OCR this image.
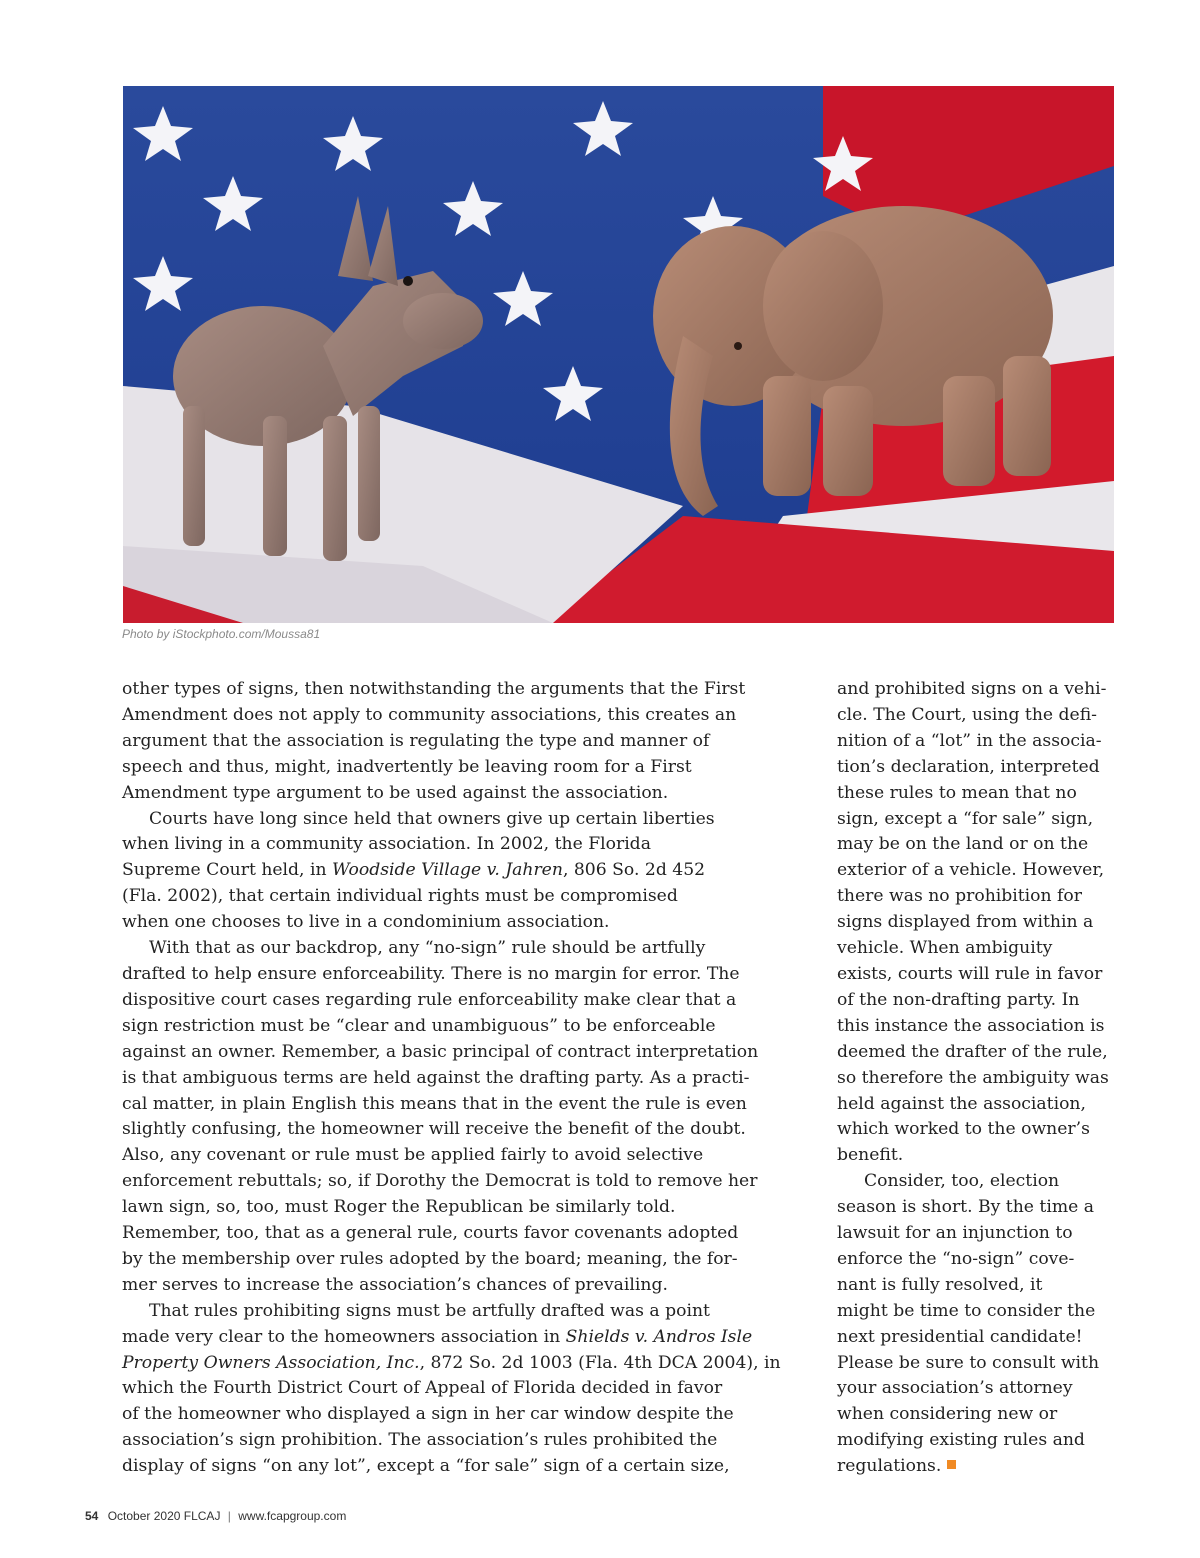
Photo by iStockphoto.com/Moussa81

other types of signs, then notwithstanding the arguments that the First
Amendment does not apply to community associations, this creates an
argument that the association is regulating the type and manner of
speech and thus, might, inadvertently be leaving room for a First
Amendment type argument to be used against the association.

Courts have long since held that owners give up certain liberties
when living in a community association. In 2002, the Florida
Supreme Court held, in Woodside Village v. Jahren, 806 So. 2d 452
(Fla. 2002), that certain individual rights must be compromised
when one chooses to live in a condominium association.

With that as our backdrop, any “no-sign” rule should be artfully
drafted to help ensure enforceability. There is no margin for error. The
dispositive court cases regarding rule enforceability make clear that a
sign restriction must be “clear and unambiguous” to be enforceable
against an owner. Remember, a basic principal of contract interpretation
is that ambiguous terms are held against the drafting party. As a practi-
cal matter, in plain English this means that in the event the rule is even
slightly confusing, the homeowner will receive the benefit of the doubt.
Also, any covenant or rule must be applied fairly to avoid selective
enforcement rebuttals; so, if Dorothy the Democrat is told to remove her
lawn sign, so, too, must Roger the Republican be similarly told.
Remember, too, that as a general rule, courts favor covenants adopted
by the membership over rules adopted by the board; meaning, the for-
mer serves to increase the association’s chances of prevailing.

That rules prohibiting signs must be artfully drafted was a point
made very clear to the homeowners association in Shields v. Andros Isle
Property Owners Association, Inc., 872 So. 2d 1003 (Fla. 4th DCA 2004), in
which the Fourth District Court of Appeal of Florida decided in favor
of the homeowner who displayed a sign in her car window despite the
association’s sign prohibition. The association’s rules prohibited the
display of signs “on any lot”, except a “for sale” sign of a certain size,

and prohibited signs on a vehi-
cle. The Court, using the defi-
nition of a “lot” in the associa-
tion’s declaration, interpreted
these rules to mean that no
sign, except a “for sale” sign,
may be on the land or on the
exterior of a vehicle. However,
there was no prohibition for
signs displayed from within a
vehicle. When ambiguity
exists, courts will rule in favor
of the non-drafting party. In
this instance the association is
deemed the drafter of the rule,
so therefore the ambiguity was
held against the association,
which worked to the owner’s
benefit.

Consider, too, election
season is short. By the time a
lawsuit for an injunction to
enforce the “no-sign” cove-
nant is fully resolved, it
might be time to consider the
next presidential candidate!
Please be sure to consult with
your association’s attorney
when considering new or
modifying existing rules and
regulations.

54 October 2020 FLCAJ | www.fcapgroup.com
